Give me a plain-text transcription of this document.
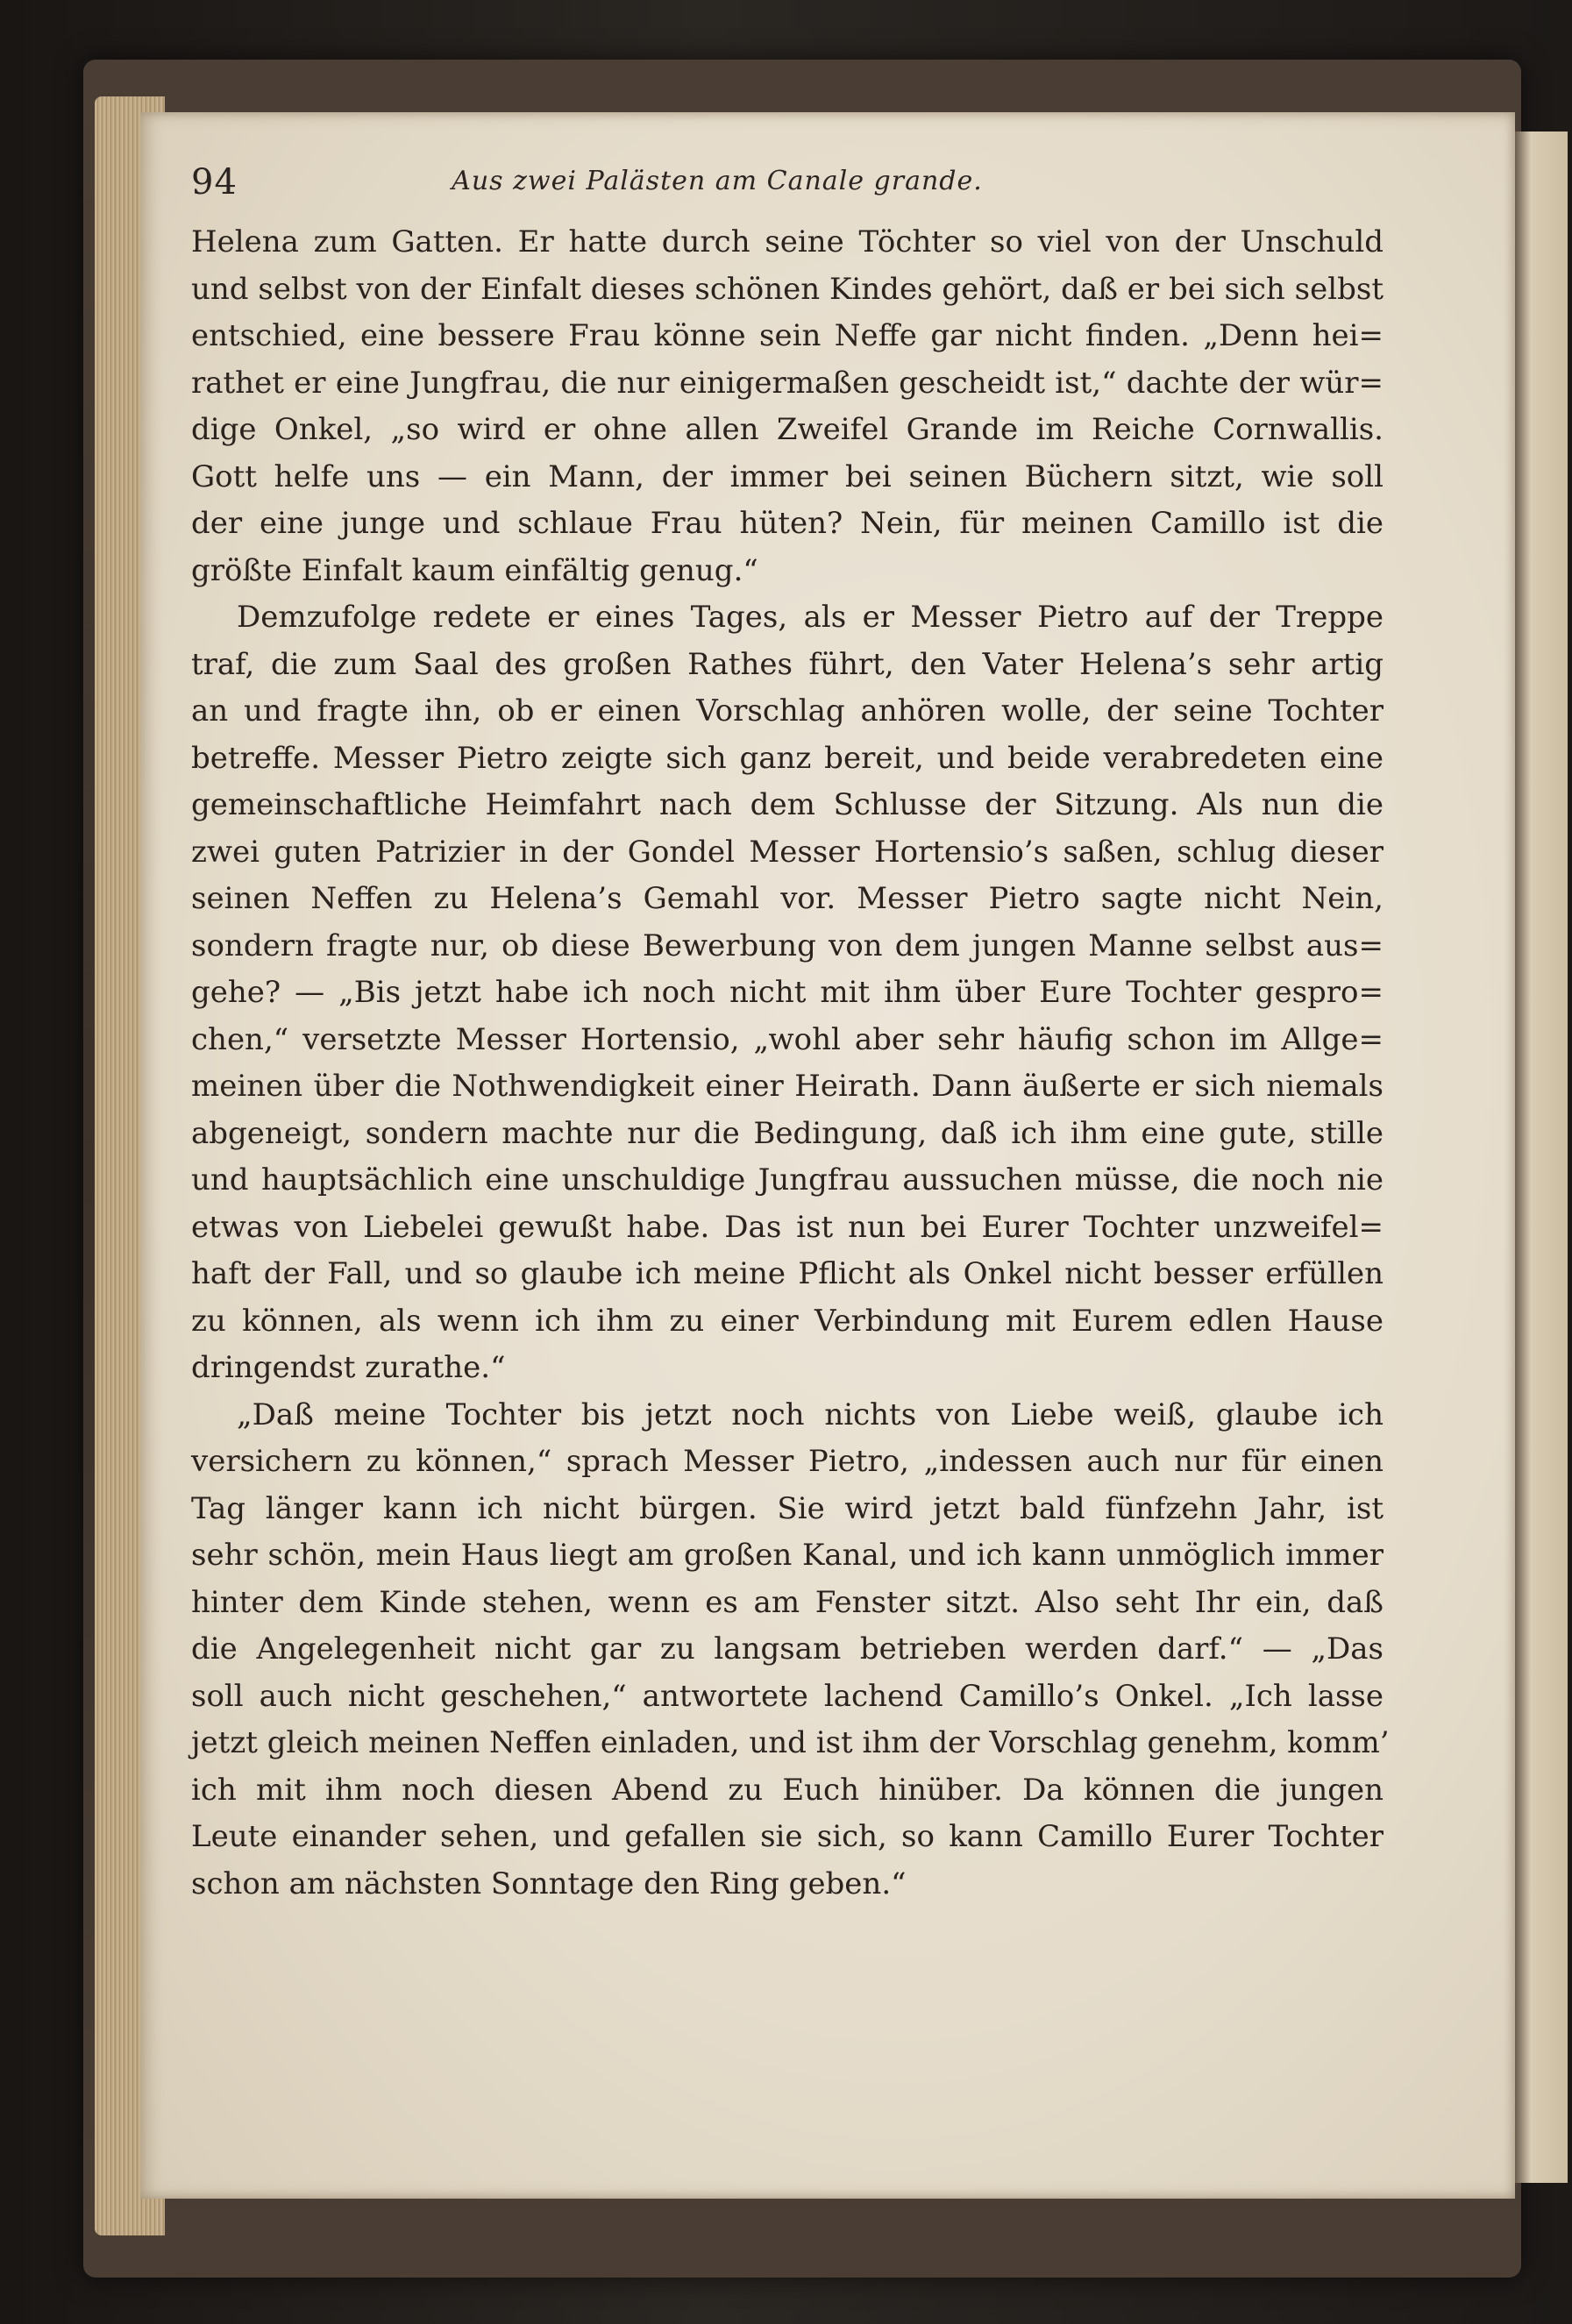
94	Aus zwei Palästen am Canale grande.
Helena zum Gatten. Er hatte durch seine Töchter so viel von der Unschuld
und selbst von der Einfalt dieses schönen Kindes gehört, daß er bei sich selbst
entschied, eine bessere Frau könne sein Neffe gar nicht finden. „Denn hei=
rathet er eine Jungfrau, die nur einigermaßen gescheidt ist,“ dachte der wür=
dige Onkel, „so wird er ohne allen Zweifel Grande im Reiche Cornwallis.
Gott helfe uns — ein Mann, der immer bei seinen Büchern sitzt, wie soll
der eine junge und schlaue Frau hüten? Nein, für meinen Camillo ist die
größte Einfalt kaum einfältig genug.“
Demzufolge redete er eines Tages, als er Messer Pietro auf der Treppe
traf, die zum Saal des großen Rathes führt, den Vater Helena’s sehr artig
an und fragte ihn, ob er einen Vorschlag anhören wolle, der seine Tochter
betreffe. Messer Pietro zeigte sich ganz bereit, und beide verabredeten eine
gemeinschaftliche Heimfahrt nach dem Schlusse der Sitzung. Als nun die
zwei guten Patrizier in der Gondel Messer Hortensio’s saßen, schlug dieser
seinen Neffen zu Helena’s Gemahl vor. Messer Pietro sagte nicht Nein,
sondern fragte nur, ob diese Bewerbung von dem jungen Manne selbst aus=
gehe? — „Bis jetzt habe ich noch nicht mit ihm über Eure Tochter gespro=
chen,“ versetzte Messer Hortensio, „wohl aber sehr häufig schon im Allge=
meinen über die Nothwendigkeit einer Heirath. Dann äußerte er sich niemals
abgeneigt, sondern machte nur die Bedingung, daß ich ihm eine gute, stille
und hauptsächlich eine unschuldige Jungfrau aussuchen müsse, die noch nie
etwas von Liebelei gewußt habe. Das ist nun bei Eurer Tochter unzweifel=
haft der Fall, und so glaube ich meine Pflicht als Onkel nicht besser erfüllen
zu können, als wenn ich ihm zu einer Verbindung mit Eurem edlen Hause
dringendst zurathe.“
„Daß meine Tochter bis jetzt noch nichts von Liebe weiß, glaube ich
versichern zu können,“ sprach Messer Pietro, „indessen auch nur für einen
Tag länger kann ich nicht bürgen. Sie wird jetzt bald fünfzehn Jahr, ist
sehr schön, mein Haus liegt am großen Kanal, und ich kann unmöglich immer
hinter dem Kinde stehen, wenn es am Fenster sitzt. Also seht Ihr ein, daß
die Angelegenheit nicht gar zu langsam betrieben werden darf.“ — „Das
soll auch nicht geschehen,“ antwortete lachend Camillo’s Onkel. „Ich lasse
jetzt gleich meinen Neffen einladen, und ist ihm der Vorschlag genehm, komm’
ich mit ihm noch diesen Abend zu Euch hinüber. Da können die jungen
Leute einander sehen, und gefallen sie sich, so kann Camillo Eurer Tochter
schon am nächsten Sonntage den Ring geben.“
